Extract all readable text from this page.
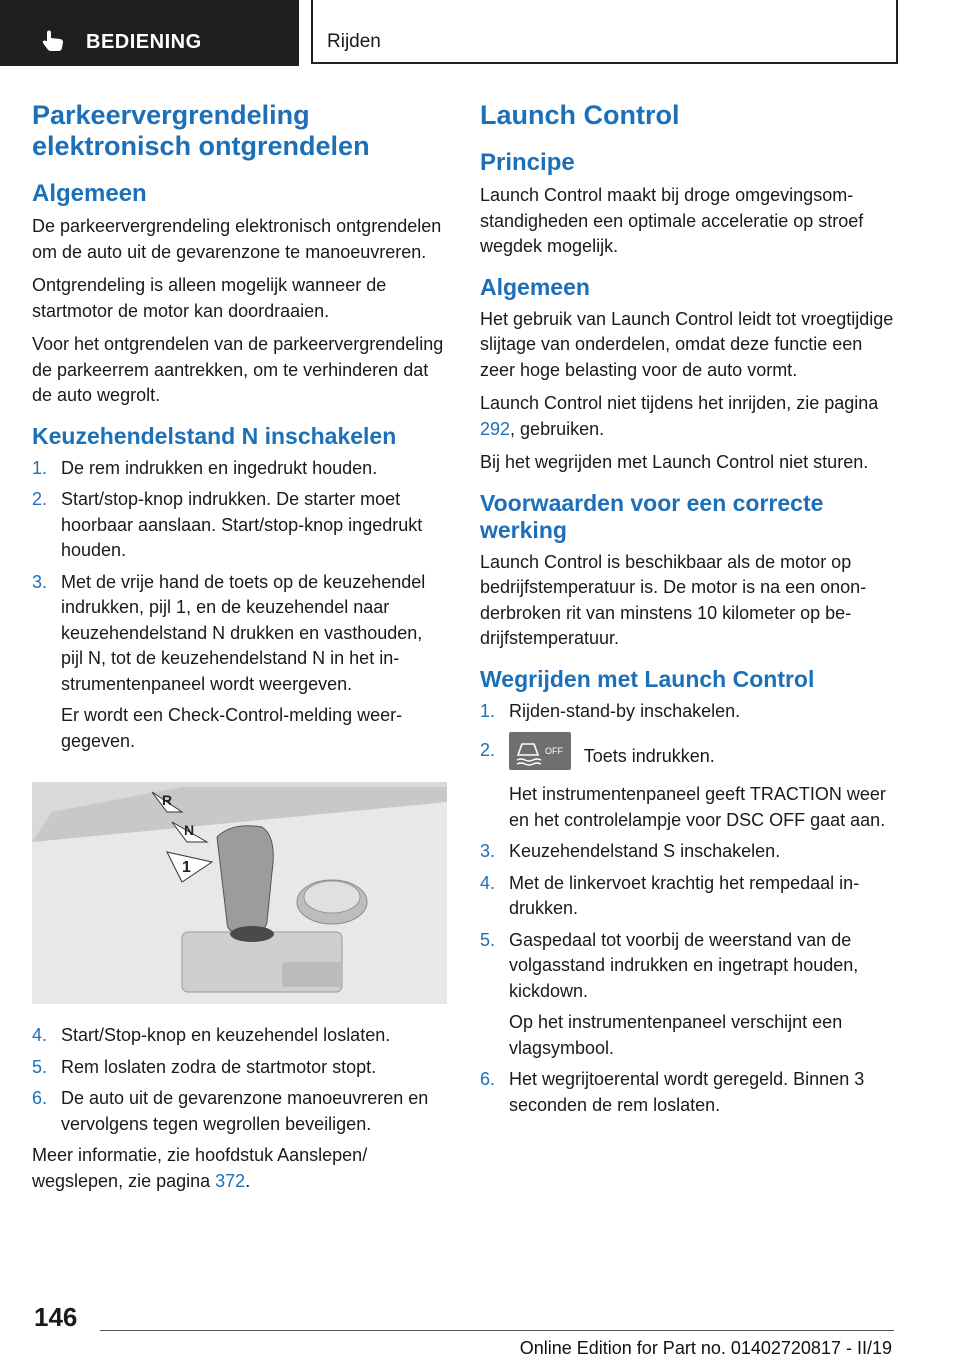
BEDIENING	Rijden
Parkeervergrendeling elektronisch ontgrendelen
Algemeen

De parkeervergrendeling elektronisch ontgrendelen om de auto uit de gevarenzone te manoeuvreren.

Ontgrendeling is alleen mogelijk wanneer de startmotor de motor kan doordraaien.

Voor het ontgrendelen van de parkeervergrendeling de parkeerrem aantrekken, om te verhinderen dat de auto wegrolt.

Keuzehendelstand N inschakelen
1. De rem indrukken en ingedrukt houden.
2. Start/stop-knop indrukken. De starter moet hoorbaar aanslaan. Start/stop-knop ingedrukt houden.
3. Met de vrije hand de toets op de keuzehendel indrukken, pijl 1, en de keuzehendel naar keuzehendelstand N drukken en vasthouden, pijl N, tot de keuzehendelstand N in het instrumentenpaneel wordt weergeven.
Er wordt een Check-Control-melding weergegeven.
R
N
1
4. Start/Stop-knop en keuzehendel loslaten.
5. Rem loslaten zodra de startmotor stopt.
6. De auto uit de gevarenzone manoeuvreren en vervolgens tegen wegrollen beveiligen.

Meer informatie, zie hoofdstuk Aanslepen/ wegslepen, zie pagina 372.

Launch Control
Principe

Launch Control maakt bij droge omgevingsomstandigheden een optimale acceleratie op stroef wegdek mogelijk.

Algemeen

Het gebruik van Launch Control leidt tot vroegtijdige slijtage van onderdelen, omdat deze functie een zeer hoge belasting voor de auto vormt.

Launch Control niet tijdens het inrijden, zie pagina 292, gebruiken.

Bij het wegrijden met Launch Control niet sturen.

Voorwaarden voor een correcte werking

Launch Control is beschikbaar als de motor op bedrijfstemperatuur is. De motor is na een ononderbroken rit van minstens 10 kilometer op bedrijfstemperatuur.

Wegrijden met Launch Control
1. Rijden-stand-by inschakelen.
2.	OFF Toets indrukken.
Het instrumentenpaneel geeft TRACTION weer en het controlelampje voor DSC OFF gaat aan.
3. Keuzehendelstand S inschakelen.
4. Met de linkervoet krachtig het rempedaal indrukken.
5. Gaspedaal tot voorbij de weerstand van de volgasstand indrukken en ingetrapt houden, kickdown.
Op het instrumentenpaneel verschijnt een vlagsymbool.
6. Het wegrijtoerental wordt geregeld. Binnen 3 seconden de rem loslaten.
146
Online Edition for Part no. 01402720817 - II/19
